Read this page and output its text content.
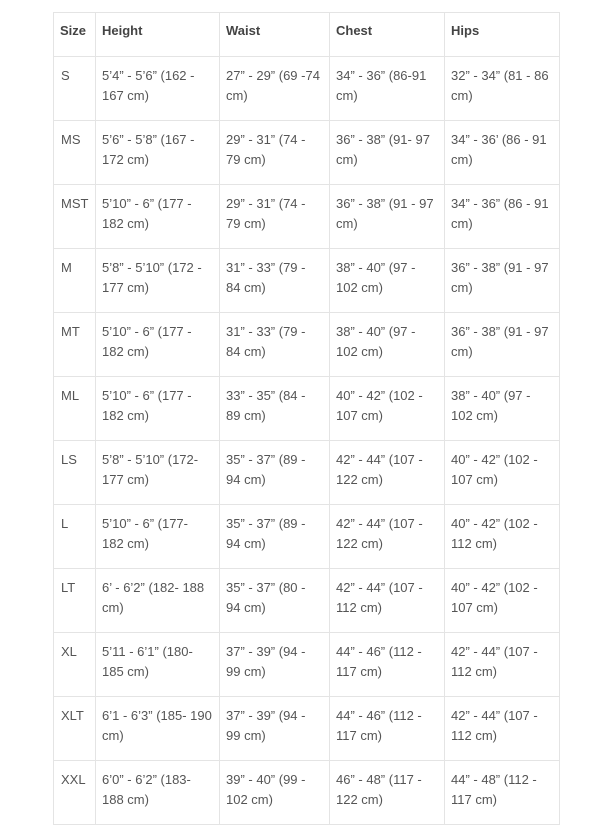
Size	Height	Waist	Chest	Hips
S	5’4” - 5’6” (162 - 167 cm)	27” - 29” (69 -74 cm)	34” - 36” (86-91 cm)	32” - 34” (81 - 86 cm)
MS	5’6” - 5’8” (167 - 172 cm)	29” - 31” (74 - 79 cm)	36” - 38” (91- 97 cm)	34” - 36’ (86 - 91 cm)
MST	5’10” - 6” (177 - 182 cm)	29” - 31” (74 - 79 cm)	36” - 38” (91 - 97 cm)	34” - 36” (86 - 91 cm)
M	5’8” - 5’10” (172 - 177 cm)	31” - 33” (79 - 84 cm)	38” - 40” (97 - 102 cm)	36” - 38” (91 - 97 cm)
MT	5’10” - 6” (177 - 182 cm)	31” - 33” (79 - 84 cm)	38” - 40” (97 - 102 cm)	36” - 38” (91 - 97 cm)
ML	5’10” - 6” (177 - 182 cm)	33” - 35” (84 - 89 cm)	40” - 42” (102 - 107 cm)	38” - 40” (97 - 102 cm)
LS	5’8” - 5’10” (172- 177 cm)	35” - 37” (89 - 94 cm)	42” - 44” (107 - 122 cm)	40” - 42” (102 - 107 cm)
L	5’10” - 6” (177- 182 cm)	35” - 37” (89 - 94 cm)	42” - 44” (107 - 122 cm)	40” - 42” (102 - 112 cm)
LT	6’ - 6’2” (182- 188 cm)	35” - 37” (80 - 94 cm)	42” - 44” (107 - 112 cm)	40” - 42” (102 - 107 cm)
XL	5’11 - 6’1” (180- 185 cm)	37” - 39” (94 - 99 cm)	44” - 46” (112 - 117 cm)	42” - 44” (107 - 112 cm)
XLT	6’1 - 6’3” (185- 190 cm)	37” - 39” (94 - 99 cm)	44” - 46” (112 - 117 cm)	42” - 44” (107 - 112 cm)
XXL	6’0” - 6’2” (183- 188 cm)	39” - 40” (99 - 102 cm)	46” - 48” (117 - 122 cm)	44” - 48” (112 - 117 cm)
